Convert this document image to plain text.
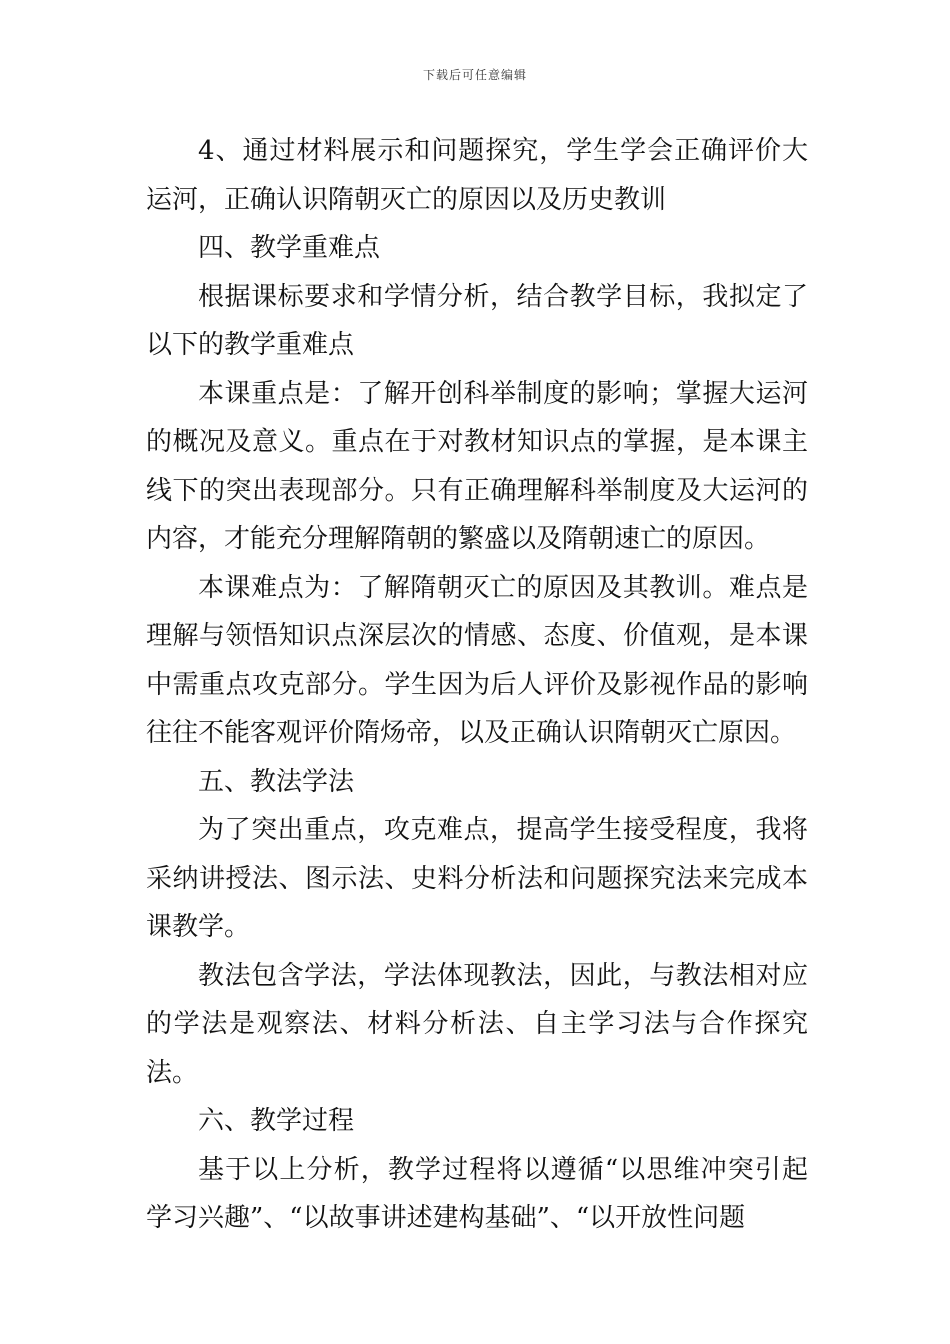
下载后可任意编辑

4、通过材料展示和问题探究，学生学会正确评价大运河，正确认识隋朝灭亡的原因以及历史教训

四、教学重难点

根据课标要求和学情分析，结合教学目标，我拟定了以下的教学重难点

本课重点是：了解开创科举制度的影响；掌握大运河的概况及意义。重点在于对教材知识点的掌握，是本课主线下的突出表现部分。只有正确理解科举制度及大运河的内容，才能充分理解隋朝的繁盛以及隋朝速亡的原因。

本课难点为：了解隋朝灭亡的原因及其教训。难点是理解与领悟知识点深层次的情感、态度、价值观，是本课中需重点攻克部分。学生因为后人评价及影视作品的影响往往不能客观评价隋炀帝，以及正确认识隋朝灭亡原因。

五、教法学法

为了突出重点，攻克难点，提高学生接受程度，我将采纳讲授法、图示法、史料分析法和问题探究法来完成本课教学。

教法包含学法，学法体现教法，因此，与教法相对应的学法是观察法、材料分析法、自主学习法与合作探究法。

六、教学过程

基于以上分析，教学过程将以遵循“以思维冲突引起学习兴趣”、“以故事讲述建构基础”、“以开放性问题
